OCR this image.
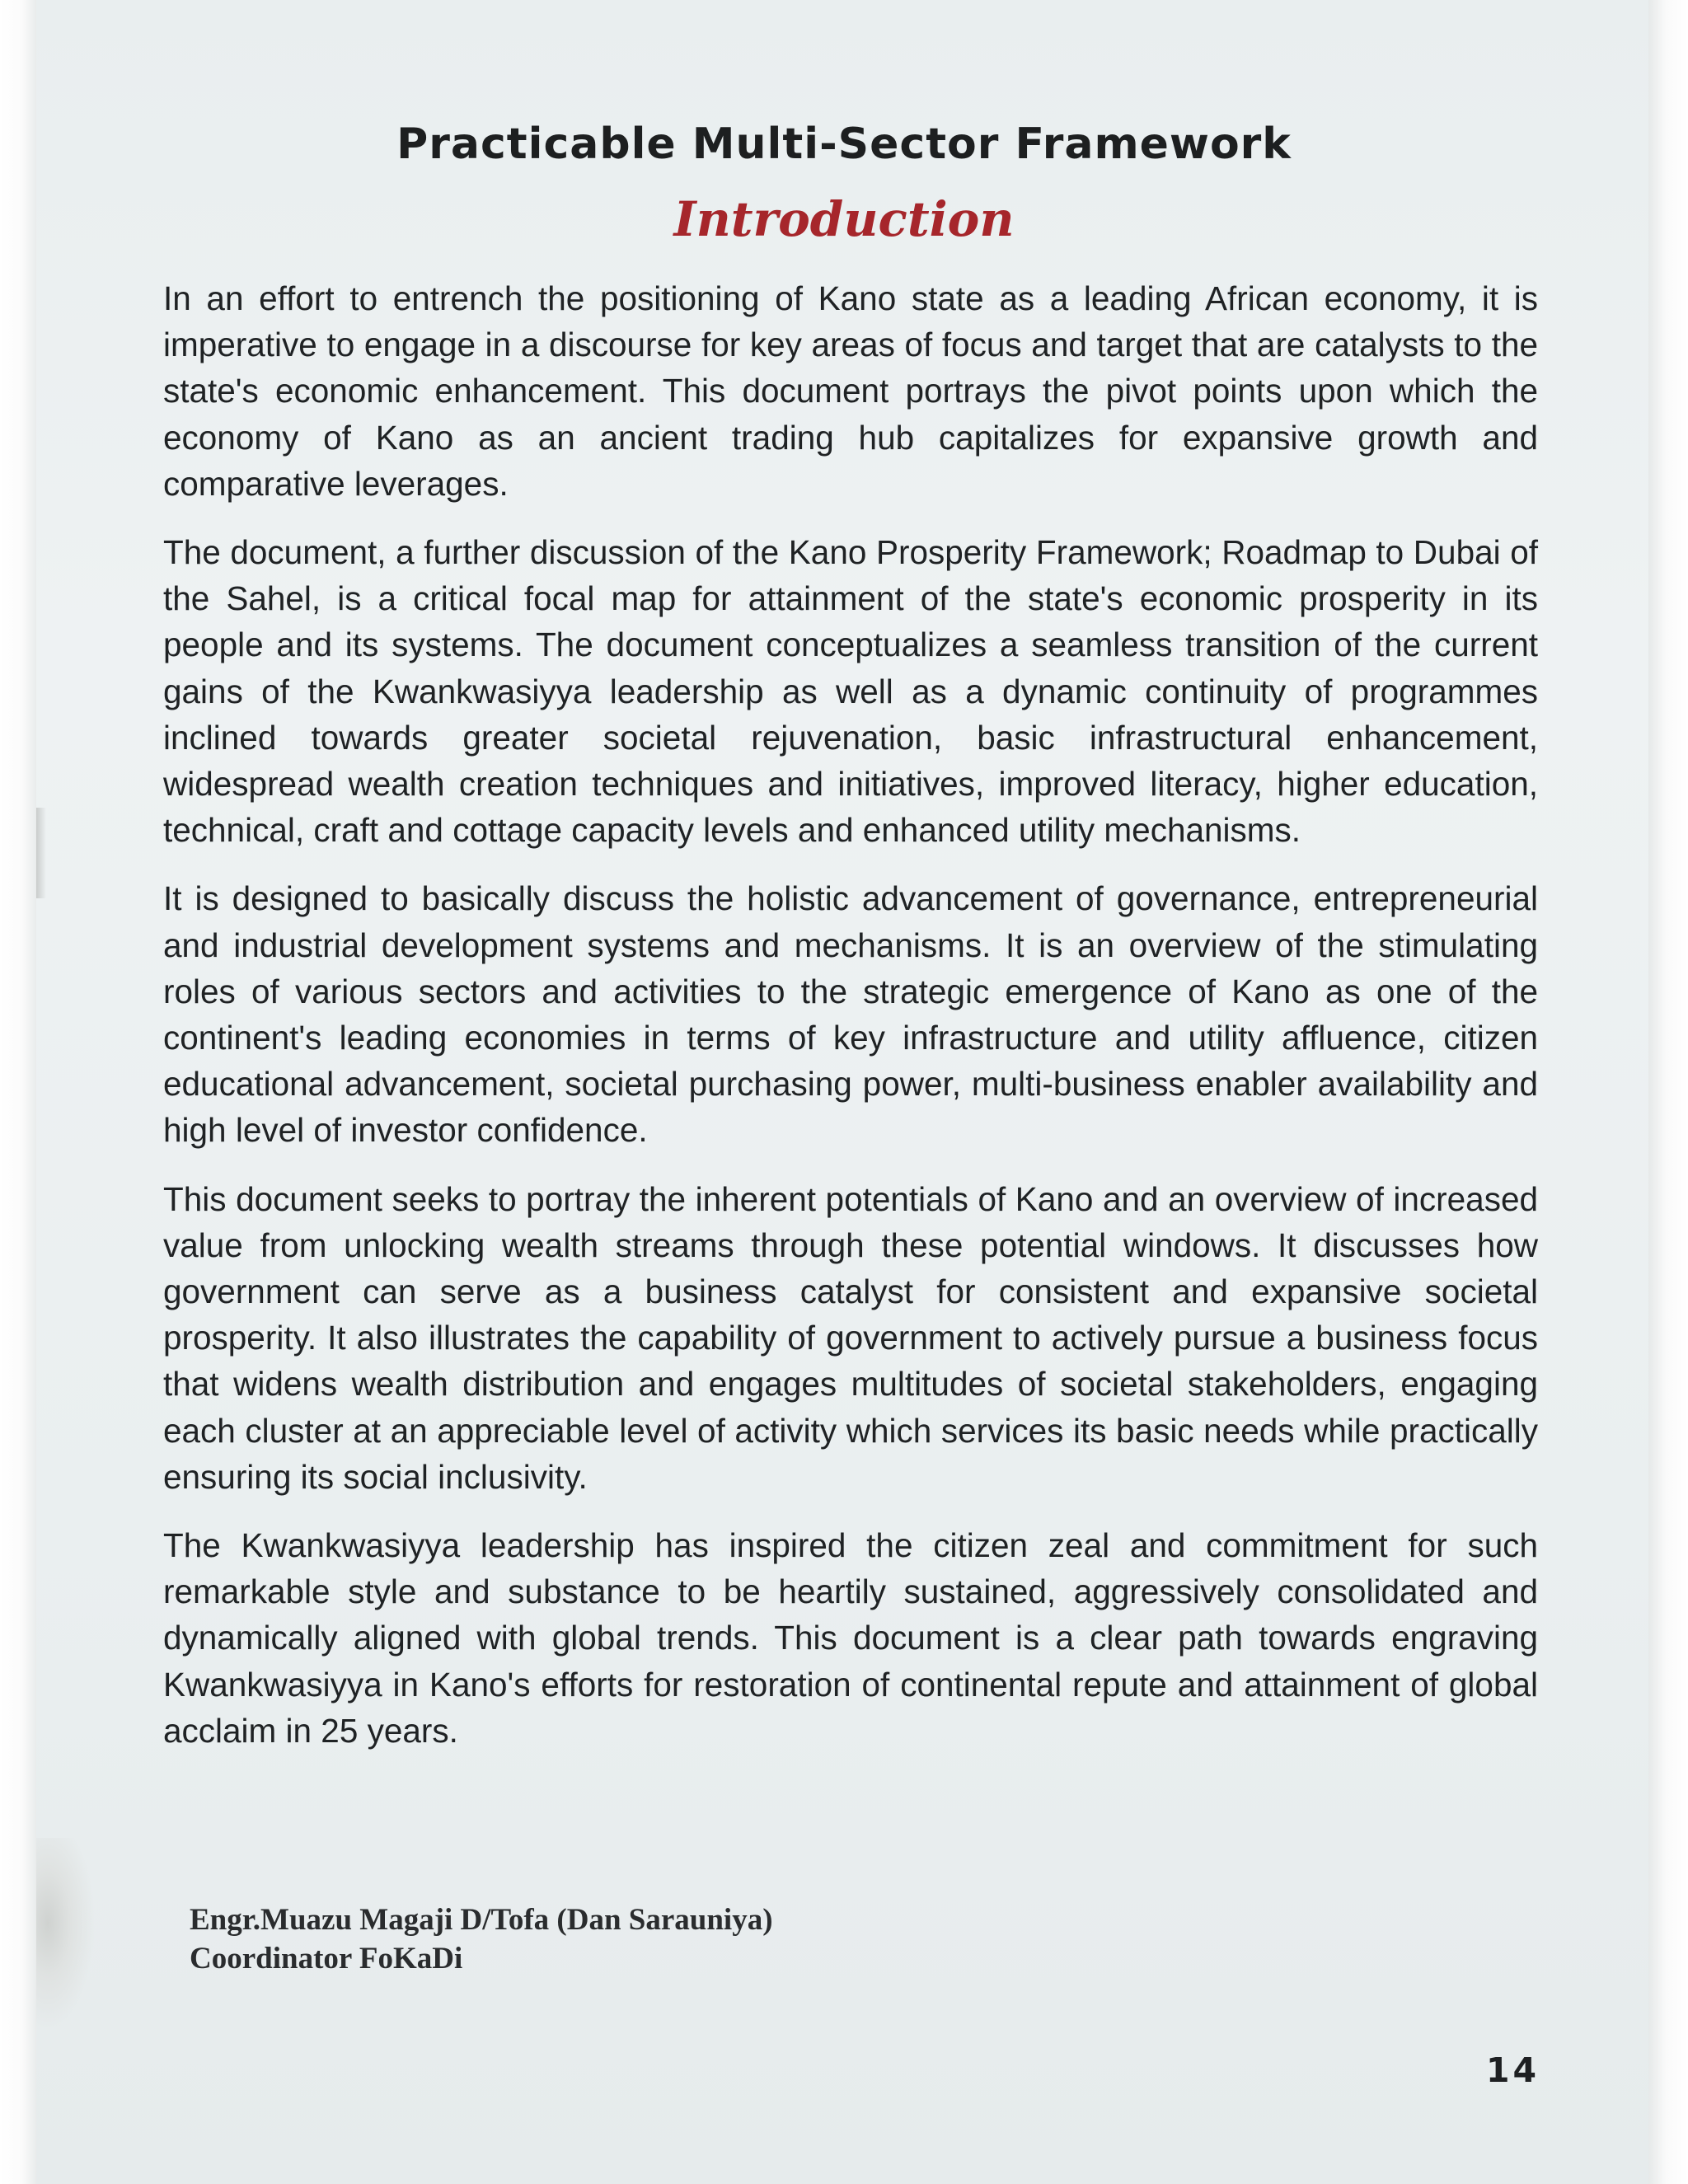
Practicable Multi-Sector Framework
Introduction

In an effort to entrench the positioning of Kano state as a leading African economy, it is imperative to engage in a discourse for key areas of focus and target that are catalysts to the state's economic enhancement. This document portrays the pivot points upon which the economy of Kano as an ancient trading hub capitalizes for expansive growth and comparative leverages.

The document, a further discussion of the Kano Prosperity Framework; Roadmap to Dubai of the Sahel, is a critical focal map for attainment of the state's economic prosperity in its people and its systems. The document conceptualizes a seamless transition of the current gains of the Kwankwasiyya leadership as well as a dynamic continuity of programmes inclined towards greater societal rejuvenation, basic infrastructural enhancement, widespread wealth creation techniques and initiatives, improved literacy, higher education, technical, craft and cottage capacity levels and enhanced utility mechanisms.

It is designed to basically discuss the holistic advancement of governance, entrepreneurial and industrial development systems and mechanisms. It is an overview of the stimulating roles of various sectors and activities to the strategic emergence of Kano as one of the continent's leading economies in terms of key infrastructure and utility affluence, citizen educational advancement, societal purchasing power, multi-business enabler availability and high level of investor confidence.

This document seeks to portray the inherent potentials of Kano and an overview of increased value from unlocking wealth streams through these potential windows. It discusses how government can serve as a business catalyst for consistent and expansive societal prosperity. It also illustrates the capability of government to actively pursue a business focus that widens wealth distribution and engages multitudes of societal stakeholders, engaging each cluster at an appreciable level of activity which services its basic needs while practically ensuring its social inclusivity.

The Kwankwasiyya leadership has inspired the citizen zeal and commitment for such remarkable style and substance to be heartily sustained, aggressively consolidated and dynamically aligned with global trends. This document is a clear path towards engraving Kwankwasiyya in Kano's efforts for restoration of continental repute and attainment of global acclaim in 25 years.

Engr.Muazu Magaji D/Tofa (Dan Sarauniya)
Coordinator FoKaDi
14
